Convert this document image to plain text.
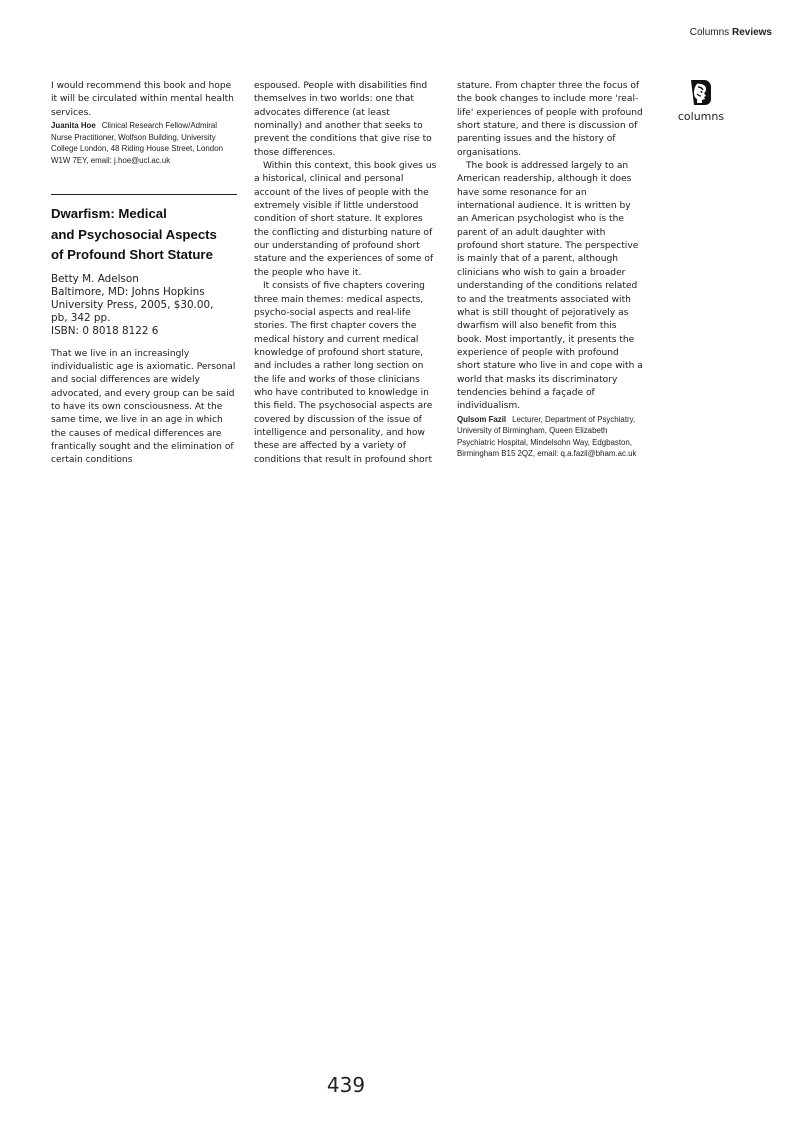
Columns Reviews
columns

I would recommend this book and hope it will be circulated within mental health services.

Juanita Hoe Clinical Research Fellow/Admiral Nurse Practitioner, Wolfson Building, University College London, 48 Riding House Street, London W1W 7EY, email: j.hoe@ucl.ac.uk

Dwarfism: Medical

and Psychosocial Aspects

of Profound Short Stature

Betty M. Adelson
Baltimore, MD: Johns Hopkins
University Press, 2005, $30.00,
pb, 342 pp.
ISBN: 0 8018 8122 6

That we live in an increasingly individualistic age is axiomatic. Personal and social differences are widely advocated, and every group can be said to have its own consciousness. At the same time, we live in an age in which the causes of medical differences are frantically sought and the elimination of certain conditions

espoused. People with disabilities find themselves in two worlds: one that advocates difference (at least nominally) and another that seeks to prevent the conditions that give rise to those differences.

Within this context, this book gives us a historical, clinical and personal account of the lives of people with the extremely visible if little understood condition of short stature. It explores the conflicting and disturbing nature of our understanding of profound short stature and the experiences of some of the people who have it.

It consists of five chapters covering three main themes: medical aspects, psycho-social aspects and real-life stories. The first chapter covers the medical history and current medical knowledge of profound short stature, and includes a rather long section on the life and works of those clinicians who have contributed to knowledge in this field. The psychosocial aspects are covered by discussion of the issue of intelligence and personality, and how these are affected by a variety of conditions that result in profound short

stature. From chapter three the focus of the book changes to include more 'real-life' experiences of people with profound short stature, and there is discussion of parenting issues and the history of organisations.

The book is addressed largely to an American readership, although it does have some resonance for an international audience. It is written by an American psychologist who is the parent of an adult daughter with profound short stature. The perspective is mainly that of a parent, although clinicians who wish to gain a broader understanding of the conditions related to and the treatments associated with what is still thought of pejoratively as dwarfism will also benefit from this book. Most importantly, it presents the experience of people with profound short stature who live in and cope with a world that masks its discriminatory tendencies behind a façade of individualism.

Qulsom Fazil Lecturer, Department of Psychiatry, University of Birmingham, Queen Elizabeth Psychiatric Hospital, Mindelsohn Way, Edgbaston, Birmingham B15 2QZ, email: q.a.fazil@bham.ac.uk

439
